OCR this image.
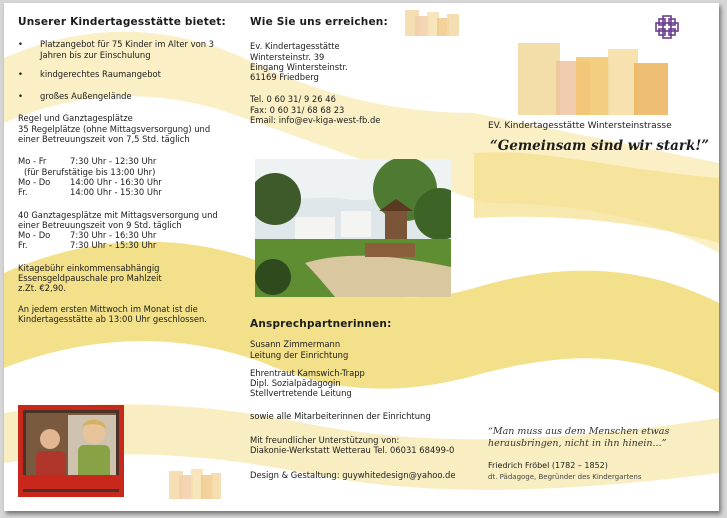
Unserer Kindertagesstätte bietet:

• Platzangebot für 75 Kinder im Alter von 3 Jahren bis zur Einschulung

• kindgerechtes Raumangebot

• großes Außengelände

Regel und Ganztagesplätze

35 Regelplätze (ohne Mittagsversorgung) und einer Betreuungszeit von 7,5 Std. täglich

Mo - Fr	7:30 Uhr - 12:30 Uhr
(für Berufstätige bis 13:00 Uhr)
Mo - Do	14:00 Uhr - 16:30 Uhr
Fr.	14:00 Uhr - 15:30 Uhr

40 Ganztagesplätze mit Mittagsversorgung und einer Betreuungszeit von 9 Std. täglich

Mo - Do	7:30 Uhr - 16:30 Uhr
Fr.	7:30 Uhr - 15:30 Uhr

Kitagebühr einkommensabhängig Essensgeldpauschale pro Mahlzeit z.Zt. €2,90.

An jedem ersten Mittwoch im Monat ist die Kindertagesstätte ab 13:00 Uhr geschlossen.

Wie Sie uns erreichen:

Ev. Kindertagesstätte

Wintersteinstr. 39

Eingang Wintersteinstr.

61169 Friedberg

Tel. 0 60 31/ 9 26 46

Fax: 0 60 31/ 68 68 23

Email: info@ev-kiga-west-fb.de

Ansprechpartnerinnen:

Susann Zimmermann

Leitung der Einrichtung

Ehrentraut Kamswich-Trapp

Dipl. Sozialpädagogin

Stellvertretende Leitung

sowie alle Mitarbeiterinnen der Einrichtung

Mit freundlicher Unterstützung von:

Diakonie-Werkstatt Wetterau Tel. 06031 68499-0

Design & Gestaltung: guywhitedesign@yahoo.de

EV. Kindertagesstätte Wintersteinstrasse
“Gemeinsam sind wir stark!”
“Man muss aus dem Menschen etwas herausbringen, nicht in ihn hinein...”
Friedrich Fröbel (1782 – 1852)
dt. Pädagoge, Begründer des Kindergartens
